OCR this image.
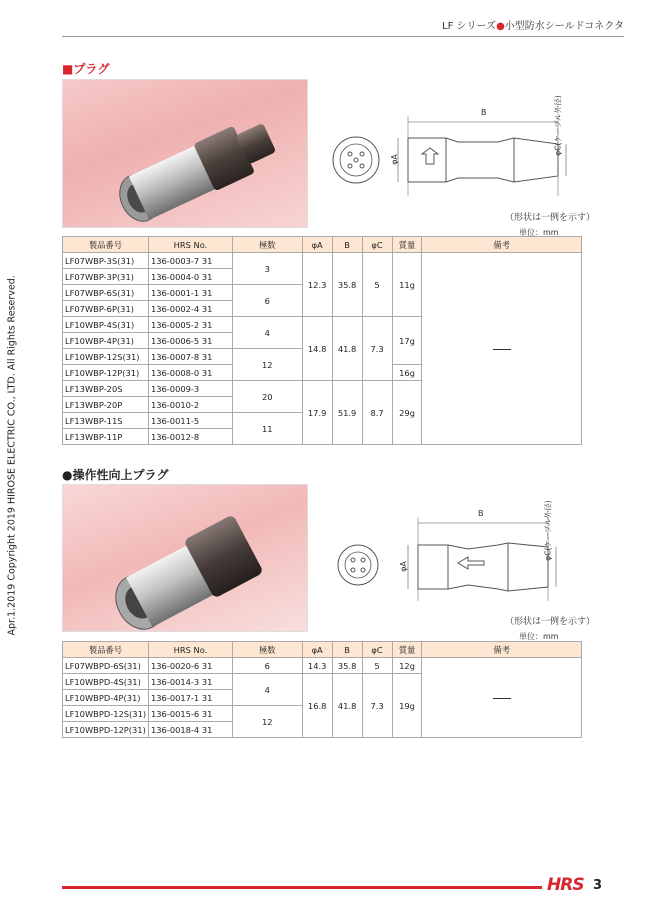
LF シリーズ●小型防水シールドコネクタ
Apr.1.2019 Copyright 2019 HIROSE ELECTRIC CO., LTD. All Rights Reserved.
■プラグ
B
φA
φC(ケーブル外径)
（形状は一例を示す）
単位：mm
製品番号	HRS No.	極数	φA	B	φC	質量	備考
LF07WBP-3S(31)	136-0003-7 31	3	12.3	35.8	5	11g	
LF07WBP-3P(31)	136-0004-0 31						
LF07WBP-6S(31)	136-0001-1 31	6					
LF07WBP-6P(31)	136-0002-4 31						
LF10WBP-4S(31)	136-0005-2 31	4	14.8	41.8	7.3	17g	
LF10WBP-4P(31)	136-0006-5 31						
LF10WBP-12S(31)	136-0007-8 31	12					
LF10WBP-12P(31)	136-0008-0 31					16g	
LF13WBP-20S	136-0009-3	20	17.9	51.9	8.7	29g	
LF13WBP-20P	136-0010-2						
LF13WBP-11S	136-0011-5	11					
LF13WBP-11P	136-0012-8						
●操作性向上プラグ
B
φA
φC(ケーブル外径)
（形状は一例を示す）
単位：mm
製品番号	HRS No.	極数	φA	B	φC	質量	備考
LF07WBPD-6S(31)	136-0020-6 31	6	14.3	35.8	5	12g	
LF10WBPD-4S(31)	136-0014-3 31	4	16.8	41.8	7.3	19g	
LF10WBPD-4P(31)	136-0017-1 31						
LF10WBPD-12S(31)	136-0015-6 31	12					
LF10WBPD-12P(31)	136-0018-4 31						
HRS 3
